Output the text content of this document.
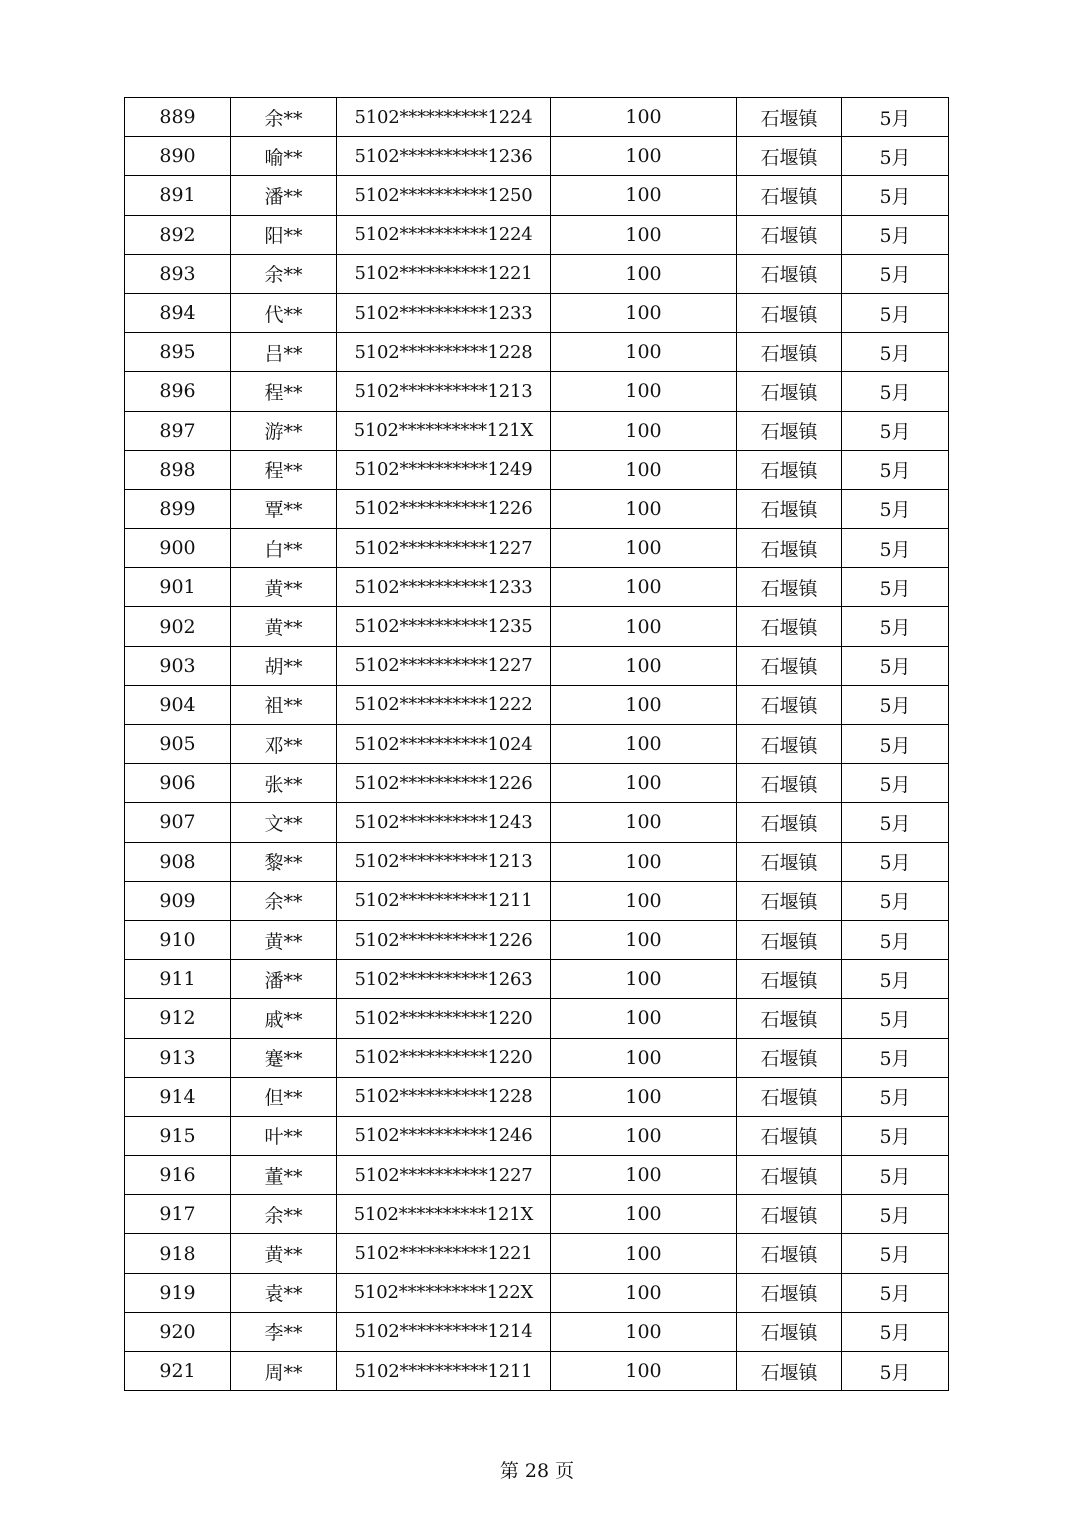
889	余**	5102**********1224	100	石堰镇	5月
890	喻**	5102**********1236	100	石堰镇	5月
891	潘**	5102**********1250	100	石堰镇	5月
892	阳**	5102**********1224	100	石堰镇	5月
893	余**	5102**********1221	100	石堰镇	5月
894	代**	5102**********1233	100	石堰镇	5月
895	吕**	5102**********1228	100	石堰镇	5月
896	程**	5102**********1213	100	石堰镇	5月
897	游**	5102**********121X	100	石堰镇	5月
898	程**	5102**********1249	100	石堰镇	5月
899	覃**	5102**********1226	100	石堰镇	5月
900	白**	5102**********1227	100	石堰镇	5月
901	黄**	5102**********1233	100	石堰镇	5月
902	黄**	5102**********1235	100	石堰镇	5月
903	胡**	5102**********1227	100	石堰镇	5月
904	祖**	5102**********1222	100	石堰镇	5月
905	邓**	5102**********1024	100	石堰镇	5月
906	张**	5102**********1226	100	石堰镇	5月
907	文**	5102**********1243	100	石堰镇	5月
908	黎**	5102**********1213	100	石堰镇	5月
909	余**	5102**********1211	100	石堰镇	5月
910	黄**	5102**********1226	100	石堰镇	5月
911	潘**	5102**********1263	100	石堰镇	5月
912	戚**	5102**********1220	100	石堰镇	5月
913	蹇**	5102**********1220	100	石堰镇	5月
914	但**	5102**********1228	100	石堰镇	5月
915	叶**	5102**********1246	100	石堰镇	5月
916	董**	5102**********1227	100	石堰镇	5月
917	余**	5102**********121X	100	石堰镇	5月
918	黄**	5102**********1221	100	石堰镇	5月
919	袁**	5102**********122X	100	石堰镇	5月
920	李**	5102**********1214	100	石堰镇	5月
921	周**	5102**********1211	100	石堰镇	5月
第 28 页
